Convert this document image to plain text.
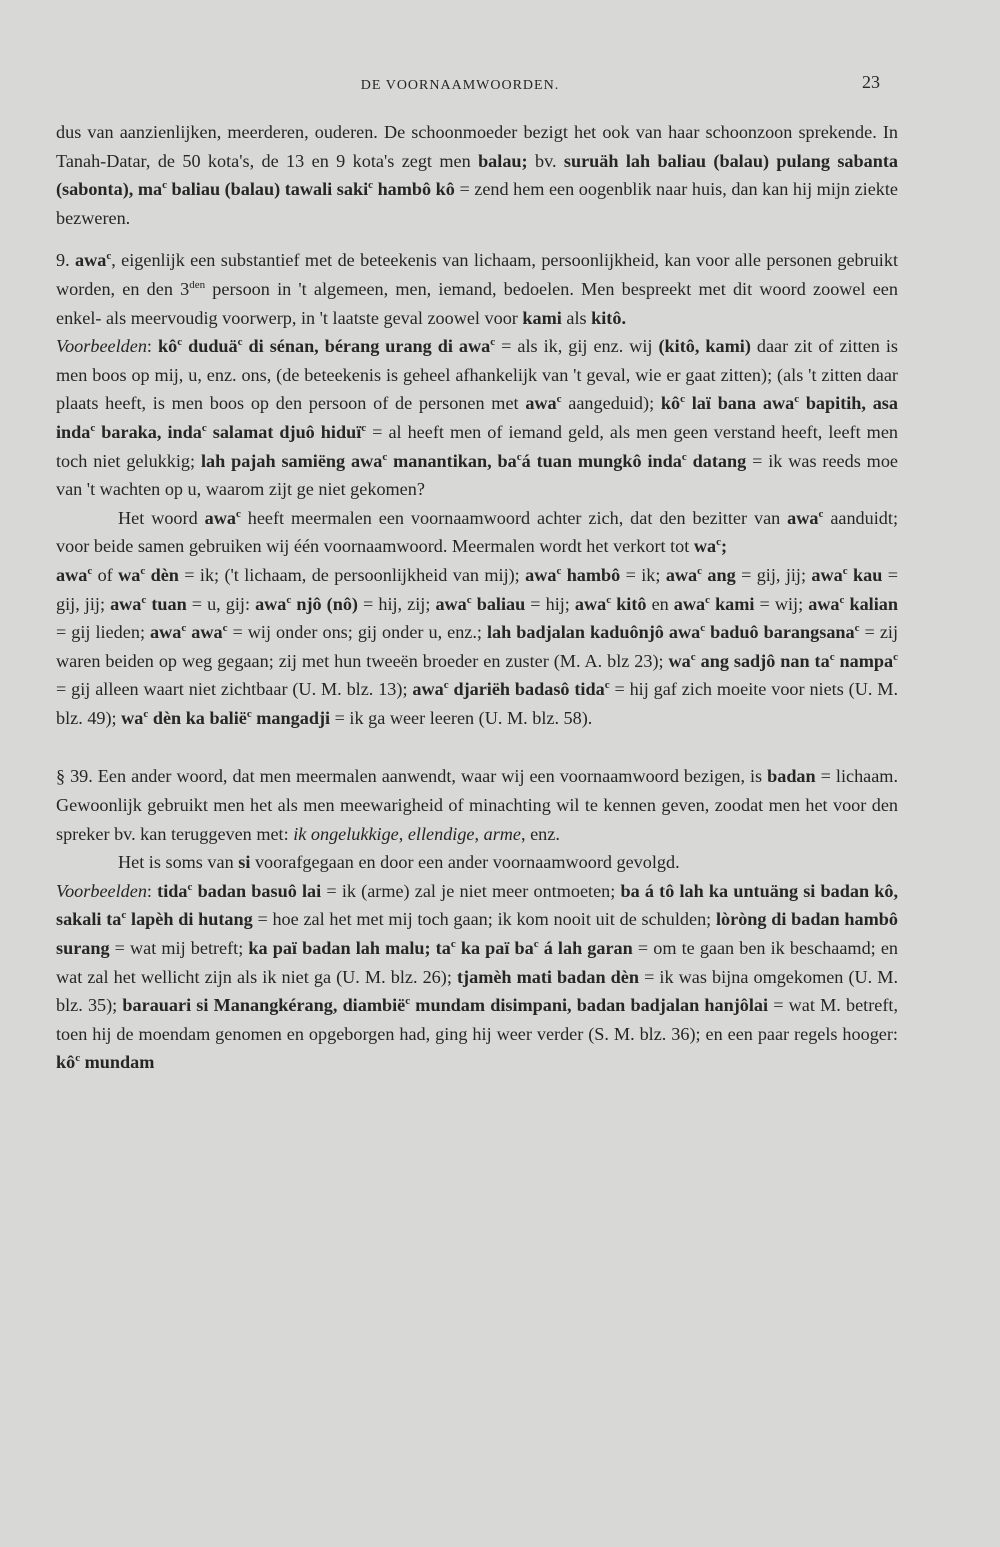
DE VOORNAAMWOORDEN.	23

dus van aanzienlijken, meerderen, ouderen. De schoonmoeder bezigt het ook van haar schoonzoon sprekende. In Tanah-Datar, de 50 kota's, de 13 en 9 kota's zegt men balau; bv. suruäh lah baliau (balau) pulang sabanta (sabonta), $ma^c$ baliau (balau) tawali saki$^c$ hambô kô = zend hem een oogenblik naar huis, dan kan hij mijn ziekte bezweren.

9. awa$^c$, eigenlijk een substantief met de beteekenis van lichaam, persoonlijkheid, kan voor alle personen gebruikt worden, en den $3^{den}$ persoon in 't algemeen, men, iemand, bedoelen. Men bespreekt met dit woord zoowel een enkel- als meervoudig voorwerp, in 't laatste geval zoowel voor kami als kitô.

Voorbeelden: $kô^c$ duduä$^c$ di sénan, bérang urang di awa$^c$ = als ik, gij enz. wij (kitô, kami) daar zit of zitten is men boos op mij, u, enz. ons, (de beteekenis is geheel afhankelijk van 't geval, wie er gaat zitten); (als 't zitten daar plaats heeft, is men boos op den persoon of de personen met awa$^c$ aangeduid); $kô^c$ laï bana awa$^c$ bapitih, asa inda$^c$ baraka, inda$^c$ salamat djuô hiduï$^c$ = al heeft men of iemand geld, als men geen verstand heeft, leeft men toch niet gelukkig; lah pajah samiëng awa$^c$ manantikan, $ba^cá$ tuan mungkô inda$^c$ datang = ik was reeds moe van 't wachten op u, waarom zijt ge niet gekomen?

Het woord awa$^c$ heeft meermalen een voornaamwoord achter zich, dat den bezitter van awa$^c$ aanduidt; voor beide samen gebruiken wij één voornaamwoord. Meermalen wordt het verkort tot $wa^c$;

awa$^c$ of $wa^c$ dèn = ik; ('t lichaam, de persoonlijkheid van mij); awa$^c$ hambô = ik; awa$^c$ ang = gij, jij; awa$^c$ kau = gij, jij; awa$^c$ tuan = u, gij: awa$^c$ njô (nô) = hij, zij; awa$^c$ baliau = hij; awa$^c$ kitô en awa$^c$ kami = wij; awa$^c$ kalian = gij lieden; awa$^c$ awa$^c$ = wij onder ons; gij onder u, enz.; lah badjalan kaduônjô awa$^c$ baduô barangsana$^c$ = zij waren beiden op weg gegaan; zij met hun tweeën broeder en zuster (M. A. blz 23); $wa^c$ ang sadjô nan $ta^c$ nampa$^c$ = gij alleen waart niet zichtbaar (U. M. blz. 13); awa$^c$ djariëh badasô tida$^c$ = hij gaf zich moeite voor niets (U. M. blz. 49); $wa^c$ dèn ka balië$^c$ mangadji = ik ga weer leeren (U. M. blz. 58).

§ 39. Een ander woord, dat men meermalen aanwendt, waar wij een voornaamwoord bezigen, is badan = lichaam. Gewoonlijk gebruikt men het als men meewarigheid of minachting wil te kennen geven, zoodat men het voor den spreker bv. kan teruggeven met: ik ongelukkige, ellendige, arme, enz.

Het is soms van si voorafgegaan en door een ander voornaamwoord gevolgd.

Voorbeelden: tida$^c$ badan basuô lai = ik (arme) zal je niet meer ontmoeten; ba á tô lah ka untuäng si badan kô, sakali $ta^c$ lapèh di hutang = hoe zal het met mij toch gaan; ik kom nooit uit de schulden; lòròng di badan hambô surang = wat mij betreft; ka paï badan lah malu; $ta^c$ ka paï $ba^c$ á lah garan = om te gaan ben ik beschaamd; en wat zal het wellicht zijn als ik niet ga (U. M. blz. 26); tjamèh mati badan dèn = ik was bijna omgekomen (U. M. blz. 35); barauari si Manangkérang, diambië$^c$ mundam disimpani, badan badjalan hanjôlai = wat M. betreft, toen hij de moendam genomen en opgeborgen had, ging hij weer verder (S. M. blz. 36); en een paar regels hooger: $kô^c$ mundam
